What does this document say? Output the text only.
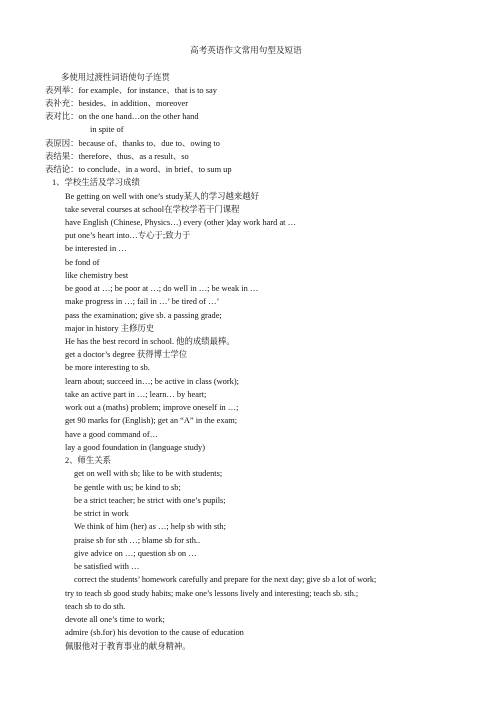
高考英语作文常用句型及短语
多使用过渡性词语使句子连贯
表列举：for example、for instance、that is to say
表补充：besides、in addition、moreover
表对比：on the one hand…on the other hand
in spite of
表原因：because of、thanks to、due to、owing to
表结果：therefore、thus、as a result、so
表结论：to conclude、in a word、in brief、to sum up
1、学校生活及学习成绩
Be getting on well with one’s study某人的学习越来越好
take several courses at school在学校学若干门课程
have English (Chinese, Physics…) every (other )day work hard at …
put one’s heart into…专心于;致力于
be interested in …
be fond of
like chemistry best
be good at …; be poor at …; do well in …; be weak in …
make progress in …; fail in …’ be tired of …’
pass the examination; give sb. a passing grade;
major in history 主修历史
He has the best record in school. 他的成绩最棒。
get a doctor’s degree 获得博士学位
be more interesting to sb.
learn about; succeed in…; be active in class (work);
take an active part in …; learn… by heart;
work out a (maths) problem; improve oneself in …;
get 90 marks for (English); get an “A” in the exam;
have a good command of…
lay a good foundation in (language study)
2、师生关系
get on well with sb; like to be with students;
be gentle with us; be kind to sb;
be a strict teacher; be strict with one’s pupils;
be strict in work
We think of him (her) as …; help sb with sth;
praise sb for sth …; blame sb for sth..
give advice on …; question sb on …
be satisfied with …
correct the students’ homework carefully and prepare for the next day; give sb a lot of work;
try to teach sb good study habits; make one’s lessons lively and interesting; teach sb. sth.;
teach sb to do sth.
devote all one’s time to work;
admire (sb.for) his devotion to the cause of education
佩服他对于教育事业的献身精神。
